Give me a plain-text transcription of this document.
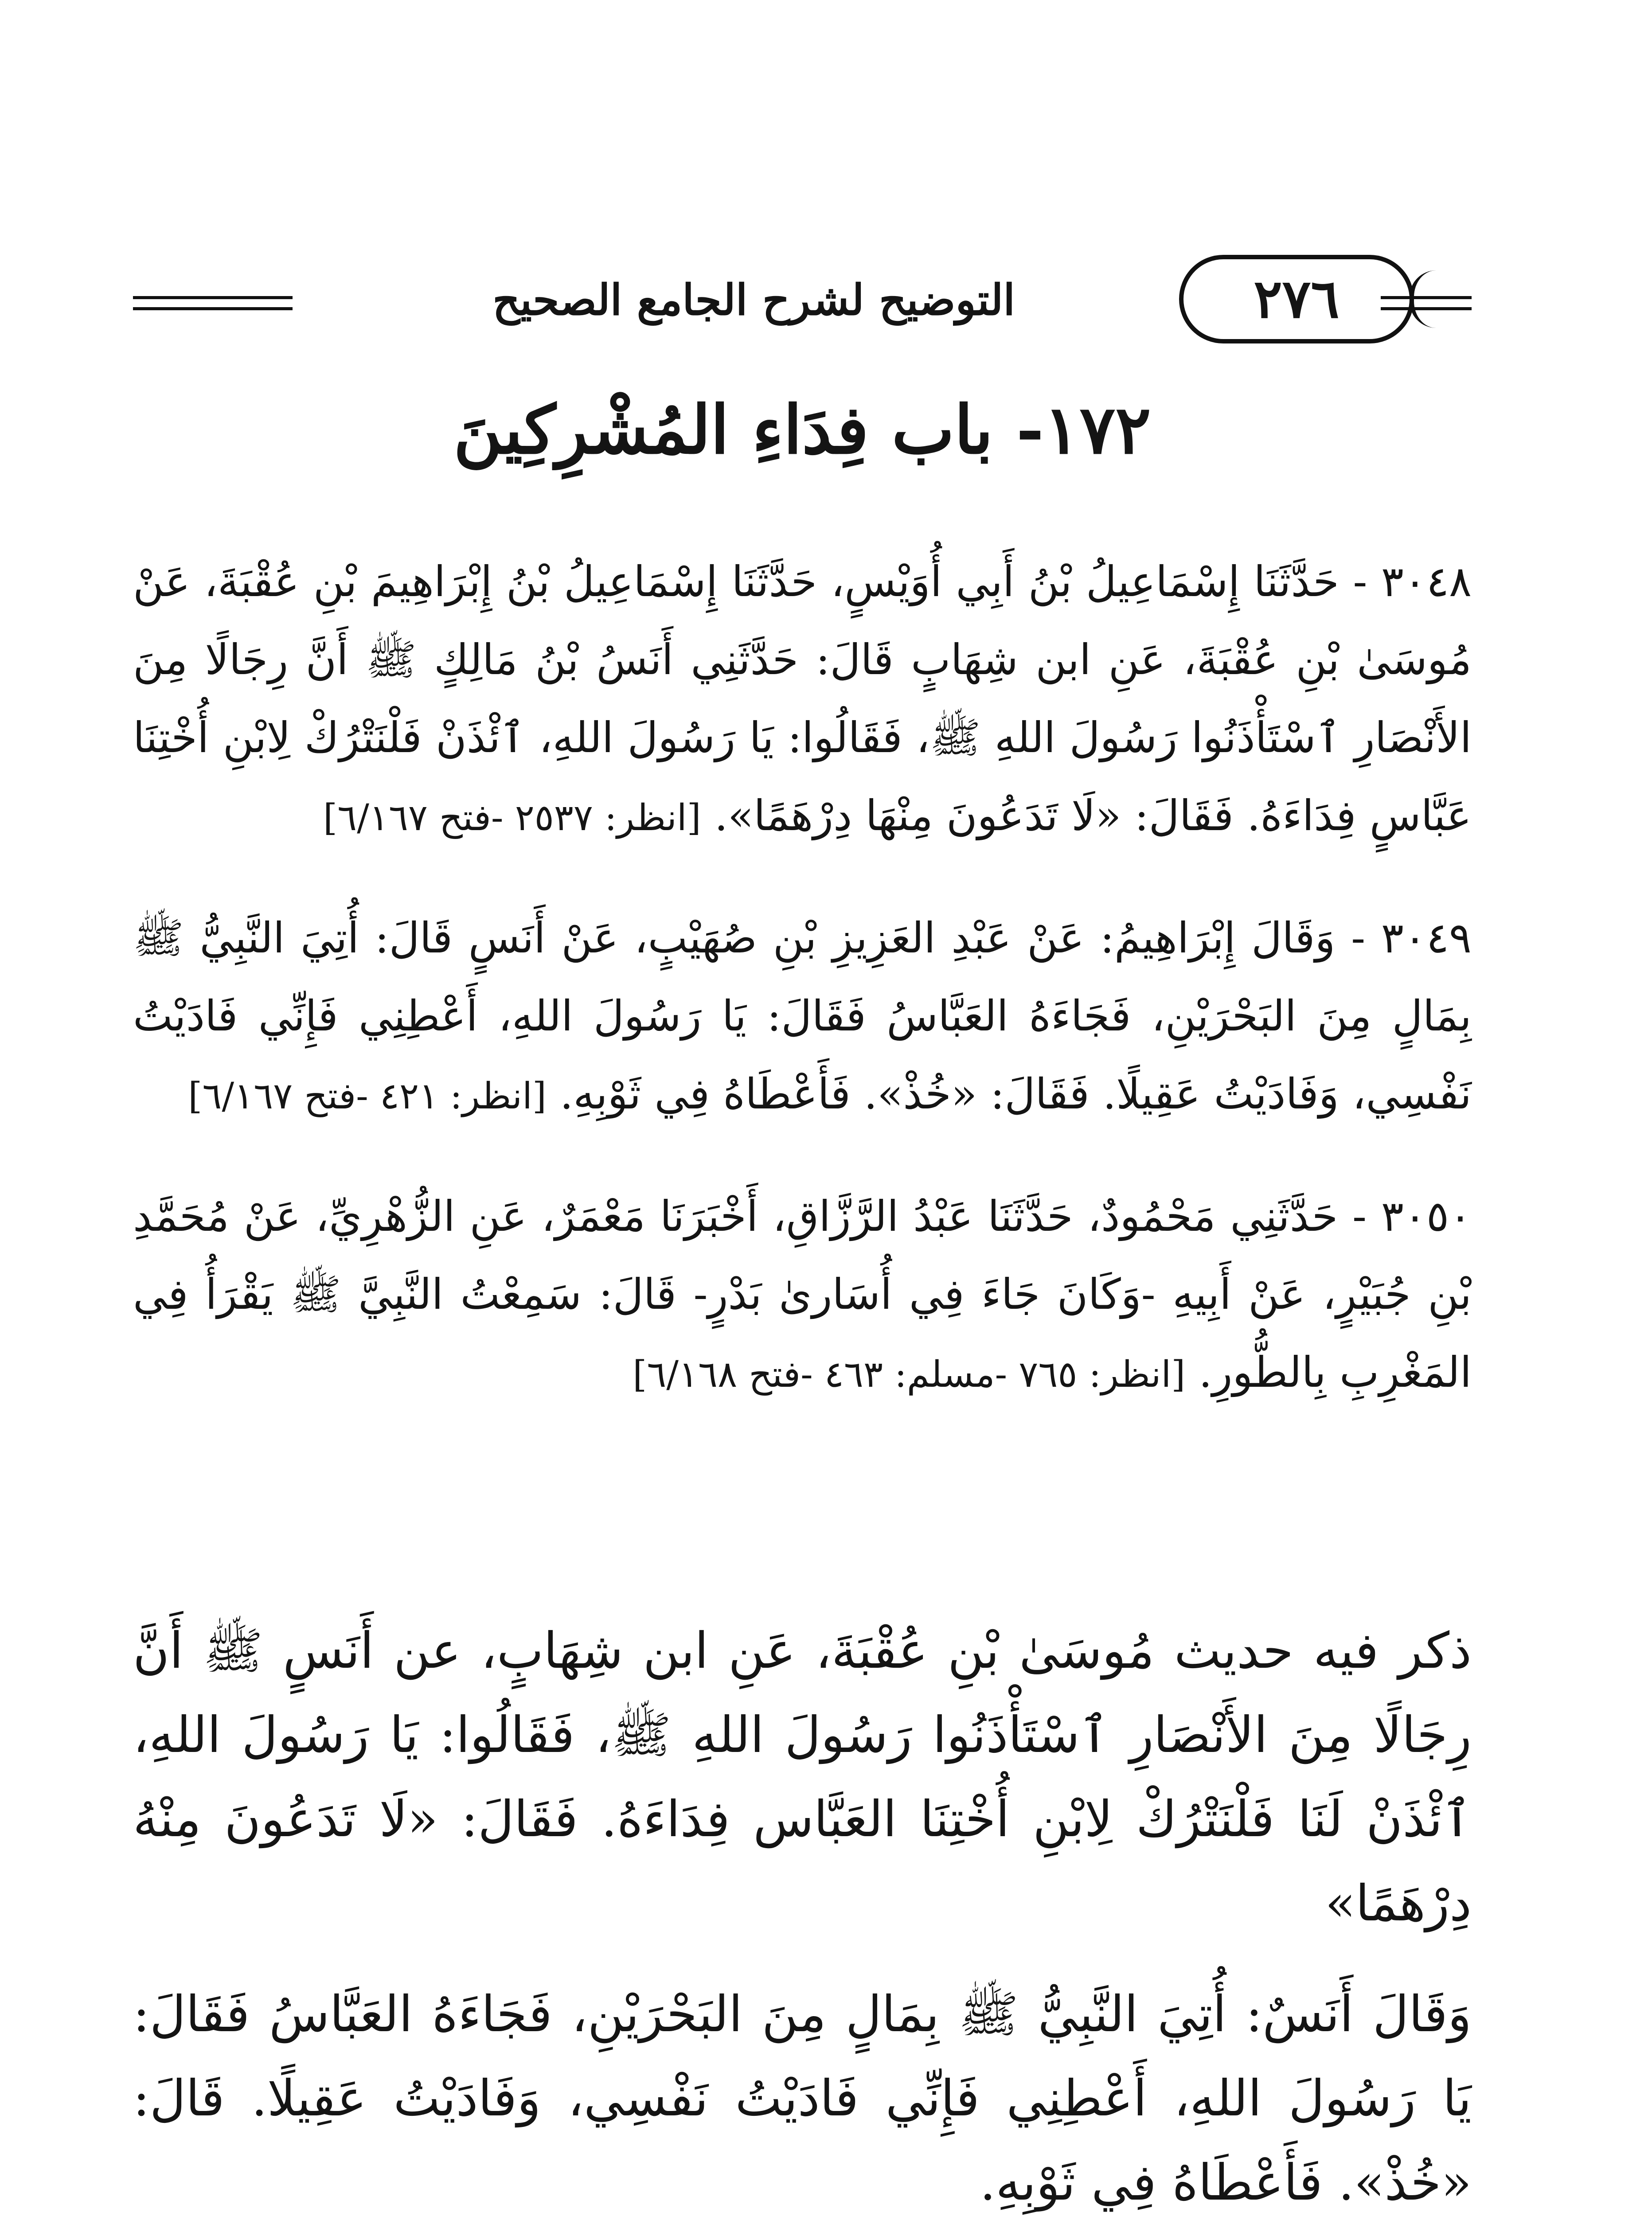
التوضيح لشرح الجامع الصحيح	٢٧٦
١٧٢- باب فِدَاءِ المُشْرِكِينَ

٣٠٤٨ - حَدَّثَنَا إِسْمَاعِيلُ بْنُ أَبِي أُوَيْسٍ، حَدَّثَنَا إِسْمَاعِيلُ بْنُ إِبْرَاهِيمَ بْنِ عُقْبَةَ، عَنْ مُوسَىٰ بْنِ عُقْبَةَ، عَنِ ابن شِهَابٍ قَالَ: حَدَّثَنِي أَنَسُ بْنُ مَالِكٍ ﷺ أَنَّ رِجَالًا مِنَ الأَنْصَارِ ٱسْتَأْذَنُوا رَسُولَ اللهِ ﷺ، فَقَالُوا: يَا رَسُولَ اللهِ، ٱئْذَنْ فَلْنَتْرُكْ لِابْنِ أُخْتِنَا عَبَّاسٍ فِدَاءَهُ. فَقَالَ: «لَا تَدَعُونَ مِنْهَا دِرْهَمًا». [انظر: ٢٥٣٧ -فتح ٦/١٦٧]

٣٠٤٩ - وَقَالَ إِبْرَاهِيمُ: عَنْ عَبْدِ العَزِيزِ بْنِ صُهَيْبٍ، عَنْ أَنَسٍ قَالَ: أُتِيَ النَّبِيُّ ﷺ بِمَالٍ مِنَ البَحْرَيْنِ، فَجَاءَهُ العَبَّاسُ فَقَالَ: يَا رَسُولَ اللهِ، أَعْطِنِي فَإِنِّي فَادَيْتُ نَفْسِي، وَفَادَيْتُ عَقِيلًا. فَقَالَ: «خُذْ». فَأَعْطَاهُ فِي ثَوْبِهِ. [انظر: ٤٢١ -فتح ٦/١٦٧]

٣٠٥٠ - حَدَّثَنِي مَحْمُودٌ، حَدَّثَنَا عَبْدُ الرَّزَّاقِ، أَخْبَرَنَا مَعْمَرٌ، عَنِ الزُّهْرِيِّ، عَنْ مُحَمَّدِ بْنِ جُبَيْرٍ، عَنْ أَبِيهِ -وَكَانَ جَاءَ فِي أُسَارىٰ بَدْرٍ- قَالَ: سَمِعْتُ النَّبِيَّ ﷺ يَقْرَأُ فِي المَغْرِبِ بِالطُّورِ. [انظر: ٧٦٥ -مسلم: ٤٦٣ -فتح ٦/١٦٨]

ذكر فيه حديث مُوسَىٰ بْنِ عُقْبَةَ، عَنِ ابن شِهَابٍ، عن أَنَسٍ ﷺ أَنَّ رِجَالًا مِنَ الأَنْصَارِ ٱسْتَأْذَنُوا رَسُولَ اللهِ ﷺ، فَقَالُوا: يَا رَسُولَ اللهِ، ٱئْذَنْ لَنَا فَلْنَتْرُكْ لِابْنِ أُخْتِنَا العَبَّاس فِدَاءَهُ. فَقَالَ: «لَا تَدَعُونَ مِنْهُ دِرْهَمًا»

وَقَالَ أَنَسٌ: أُتِيَ النَّبِيُّ ﷺ بِمَالٍ مِنَ البَحْرَيْنِ، فَجَاءَهُ العَبَّاسُ فَقَالَ: يَا رَسُولَ اللهِ، أَعْطِنِي فَإِنِّي فَادَيْتُ نَفْسِي، وَفَادَيْتُ عَقِيلًا. قَالَ: «خُذْ». فَأَعْطَاهُ فِي ثَوْبِهِ.
